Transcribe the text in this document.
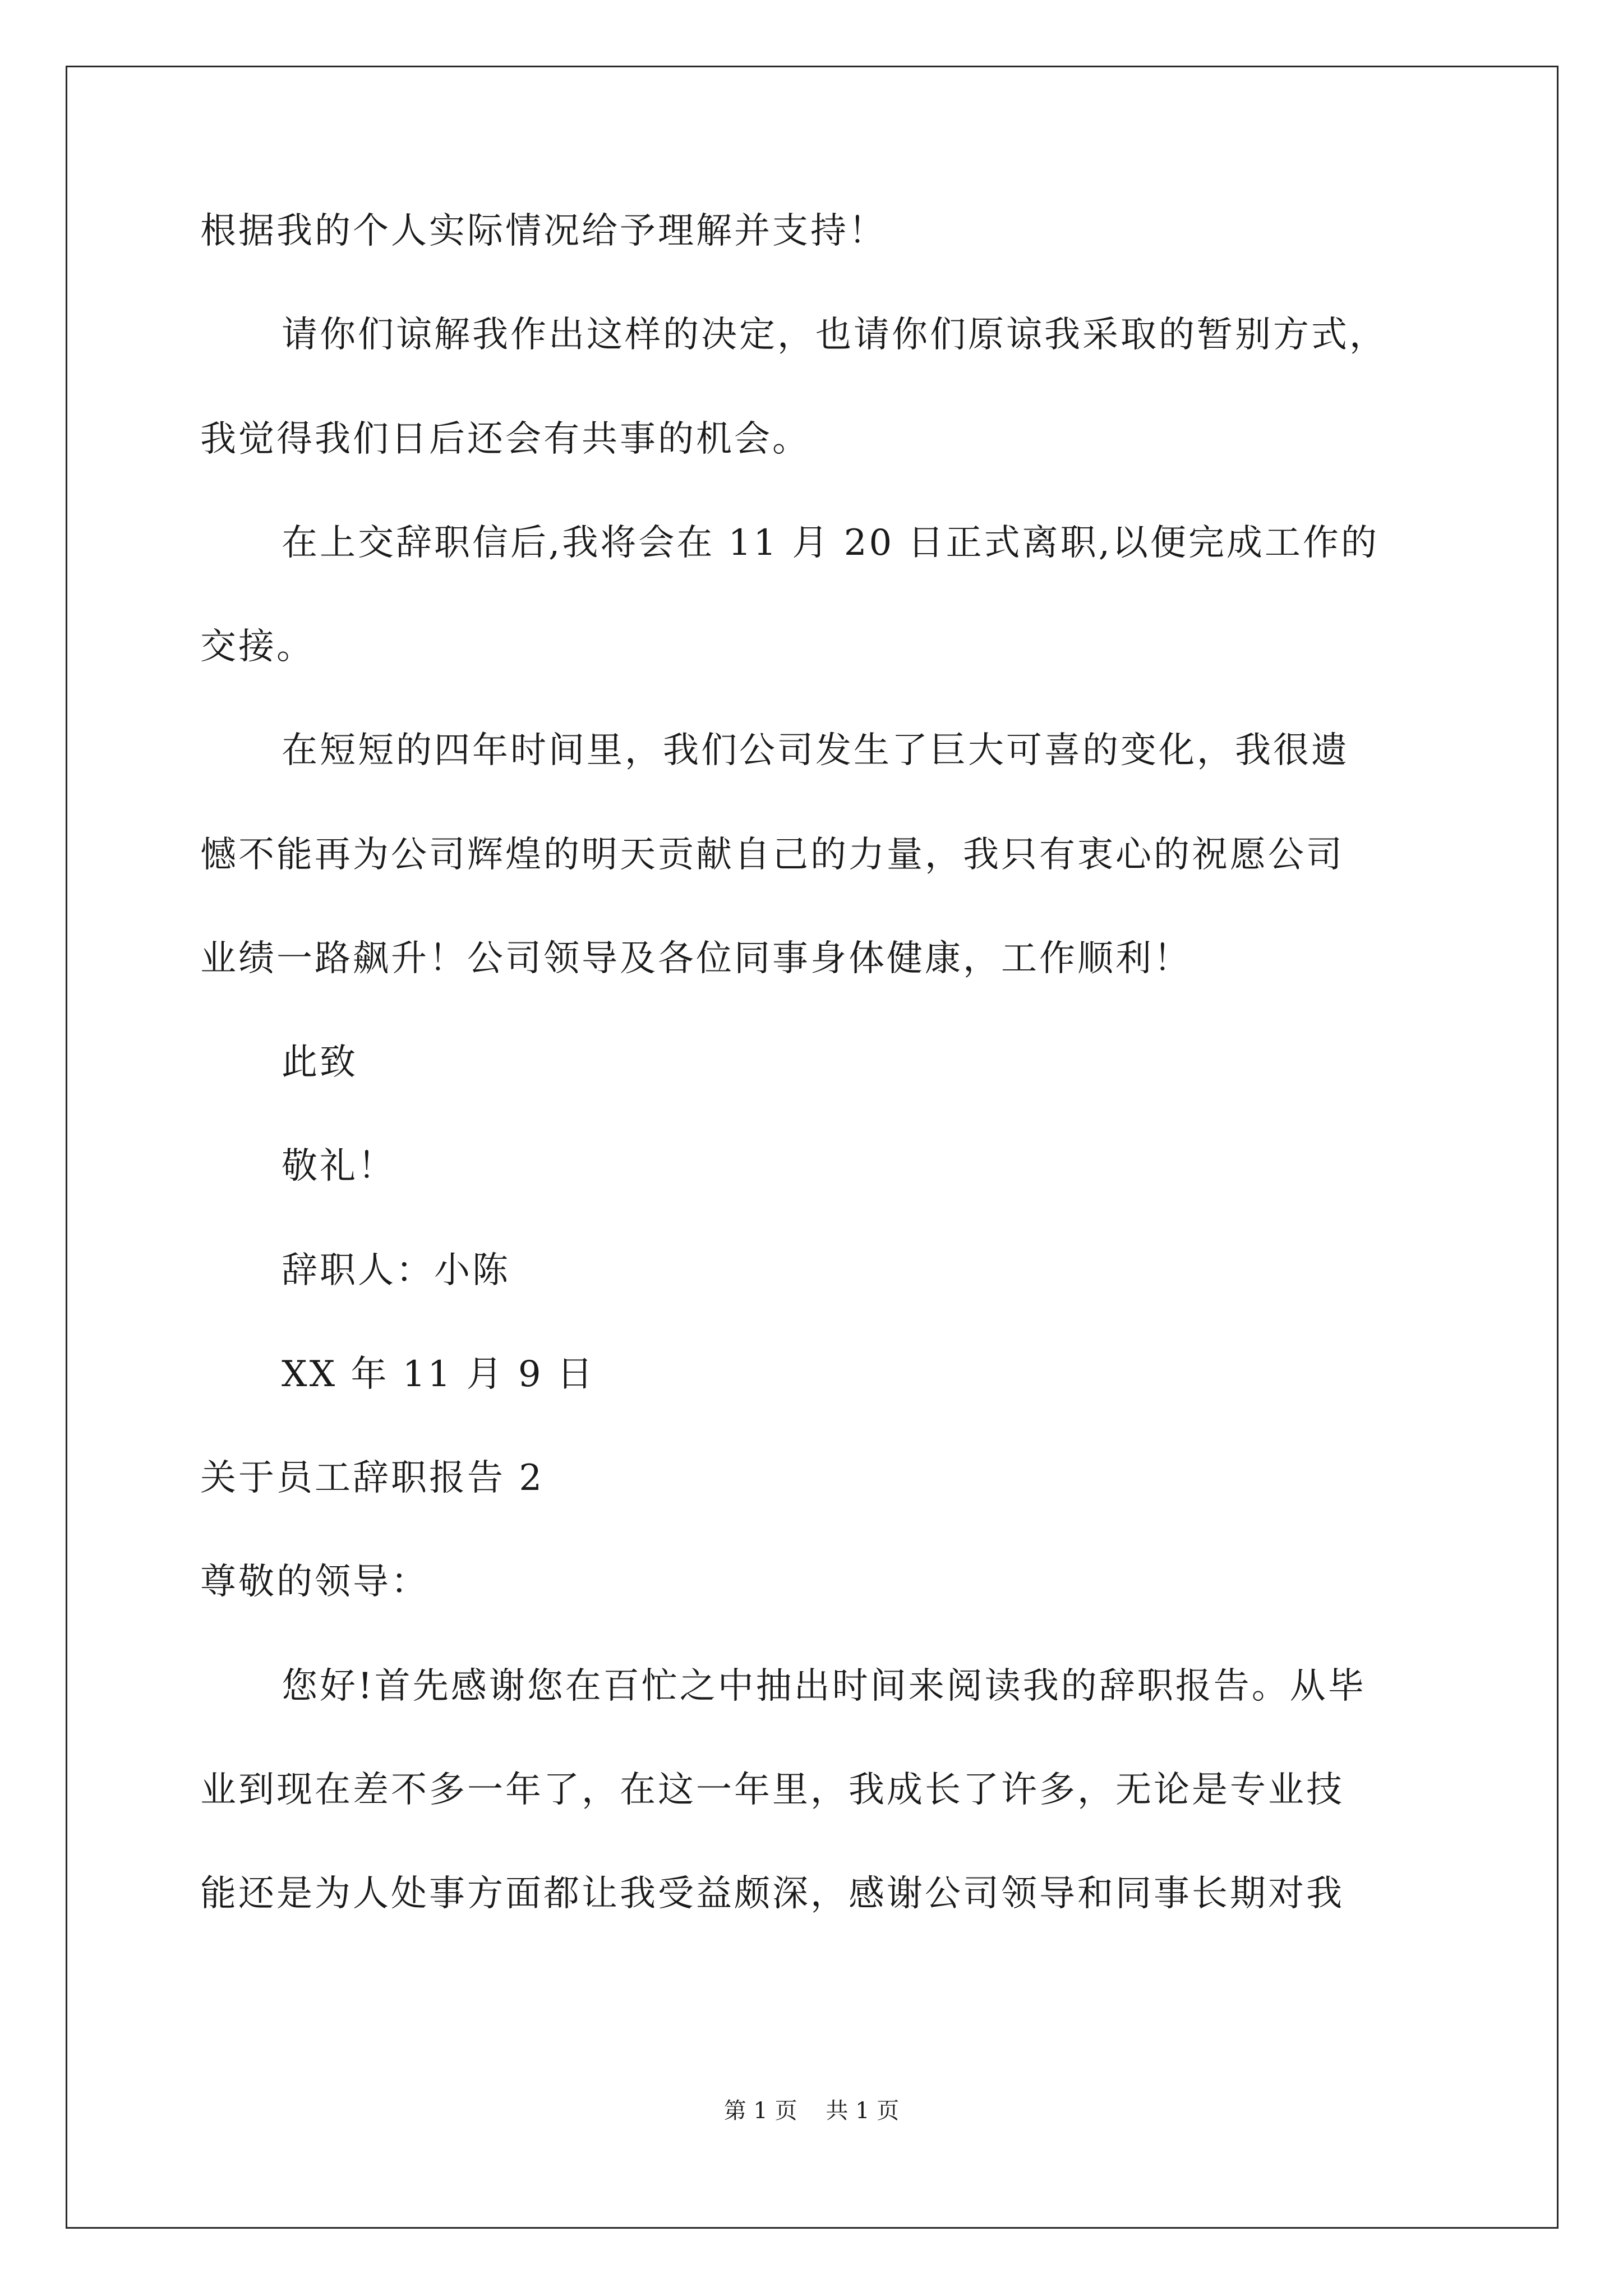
根据我的个人实际情况给予理解并支持！
请你们谅解我作出这样的决定，也请你们原谅我采取的暂别方式，
我觉得我们日后还会有共事的机会。
在上交辞职信后,我将会在 11 月 20 日正式离职,以便完成工作的
交接。
在短短的四年时间里，我们公司发生了巨大可喜的变化，我很遗
憾不能再为公司辉煌的明天贡献自己的力量，我只有衷心的祝愿公司
业绩一路飙升！公司领导及各位同事身体健康，工作顺利！
此致
敬礼！
辞职人：小陈
XX 年 11 月 9 日
关于员工辞职报告 2
尊敬的领导：
您好!首先感谢您在百忙之中抽出时间来阅读我的辞职报告。从毕
业到现在差不多一年了，在这一年里，我成长了许多，无论是专业技
能还是为人处事方面都让我受益颇深，感谢公司领导和同事长期对我
第 1 页    共 1 页
